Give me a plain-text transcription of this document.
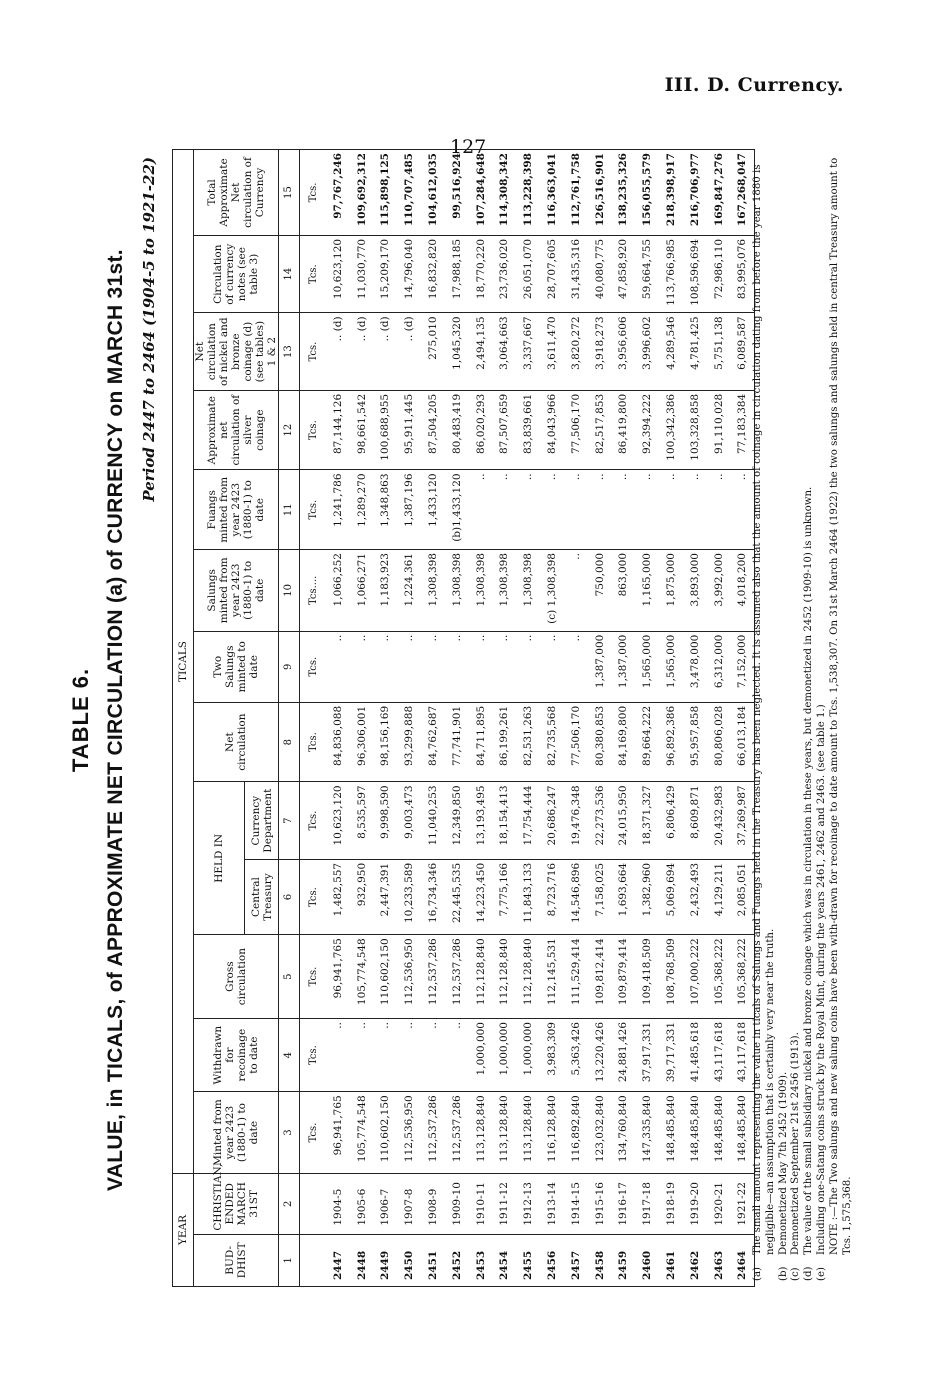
III. D. Currency.
127
TABLE 6. VALUE, in TICALS, of APPROXIMATE NET CIRCULATION (a) of CURRENCY on MARCH 31st. Period 2447 to 2464 (1904-5 to 1921-22)
YEAR		TICALS												
BUD-DHIST	CHRISTIAN, ENDED MARCH 31ST	Minted from year 2423 (1880-1) to date	Withdrawn for recoinage to date	Gross circulation	HELD IN		Net circulation	Two Salungs minted to date	Salungs minted from year 2423 (1880-1) to date	Fuangs minted from year 2423 (1880-1) to date	Approximate net circulation of silver coinage	Net circulation of nickel and bronze coinage (d) (see tables) 1 & 2	Circulation of currency notes (see table 3)	Total Approximate Net circulation of Currency
					Central Treasury	Currency Department								
1	2	3	4	5	6	7	8	9	10	11	12	13	14	15
		Tcs.	Tcs.	Tcs.	Tcs.	Tcs.	Tcs.	Tcs.	Tcs....	Tcs.	Tcs.	Tcs.	Tcs.	Tcs.
2447	1904-5	96,941,765	..	96,941,765	1,482,557	10,623,120	84,836,088	..	1,066,252	1,241,786	87,144,126	.. (d)	10,623,120	97,767,246
2448	1905-6	105,774,548	..	105,774,548	932,950	8,535,597	96,306,001	..	1,066,271	1,289,270	98,661,542	.. (d)	11,030,770	109,692,312
2449	1906-7	110,602,150	..	110,602,150	2,447,391	9,998,590	98,156,169	..	1,183,923	1,348,863	100,688,955	.. (d)	15,209,170	115,898,125
2450	1907-8	112,536,950	..	112,536,950	10,233,589	9,003,473	93,299,888	..	1,224,361	1,387,196	95,911,445	.. (d)	14,796,040	110,707,485
2451	1908-9	112,537,286	..	112,537,286	16,734,346	11,040,253	84,762,687	..	1,308,398	1,433,120	87,504,205	275,010	16,832,820	104,612,035
2452	1909-10	112,537,286	..	112,537,286	22,445,535	12,349,850	77,741,901	..	1,308,398	(b)1,433,120	80,483,419	1,045,320	17,988,185	99,516,924
2453	1910-11	113,128,840	1,000,000	112,128,840	14,223,450	13,193,495	84,711,895	..	1,308,398	..	86,020,293	2,494,135	18,770,220	107,284,648
2454	1911-12	113,128,840	1,000,000	112,128,840	7,775,166	18,154,413	86,199,261	..	1,308,398	..	87,507,659	3,064,663	23,736,020	114,308,342
2455	1912-13	113,128,840	1,000,000	112,128,840	11,843,133	17,754,444	82,531,263	..	1,308,398	..	83,839,661	3,337,667	26,051,070	113,228,398
2456	1913-14	116,128,840	3,983,309	112,145,531	8,723,716	20,686,247	82,735,568	..	(c) 1,308,398	..	84,043,966	3,611,470	28,707,605	116,363,041
2457	1914-15	116,892,840	5,363,426	111,529,414	14,546,896	19,476,348	77,506,170	..	..	..	77,506,170	3,820,272	31,435,316	112,761,758
2458	1915-16	123,032,840	13,220,426	109,812,414	7,158,025	22,273,536	80,380,853	1,387,000	750,000	..	82,517,853	3,918,273	40,080,775	126,516,901
2459	1916-17	134,760,840	24,881,426	109,879,414	1,693,664	24,015,950	84,169,800	1,387,000	863,000	..	86,419,800	3,956,606	47,858,920	138,235,326
2460	1917-18	147,335,840	37,917,331	109,418,509	1,382,960	18,371,327	89,664,222	1,565,000	1,165,000	..	92,394,222	3,996,602	59,664,755	156,055,579
2461	1918-19	148,485,840	39,717,331	108,768,509	5,069,694	6,806,429	96,892,386	1,565,000	1,875,000	..	100,342,386	4,289,546	113,766,985	218,398,917
2462	1919-20	148,485,840	41,485,618	107,000,222	2,432,493	8,609,871	95,957,858	3,478,000	3,893,000	..	103,328,858	4,781,425	108,596,694	216,706,977
2463	1920-21	148,485,840	43,117,618	105,368,222	4,129,211	20,432,983	80,806,028	6,312,000	3,992,000	..	91,110,028	5,751,138	72,986,110	169,847,276
2464	1921-22	148,485,840	43,117,618	105,368,222	2,085,051	37,269,987	66,013,184	7,152,000	4,018,200	..	77,183,384	6,089,587	83,995,076	167,268,047
(a)
The small amount representing the value in ticals of Salungs and Fuangs held in the Treasury has been neglected. It is assumed also that the amount of coinage in circulation dating from before the year 1880 is negligible—an assumption that is certainly very near the truth.
(b)
Demonetized May 7th 2452 (1909).
(c)
Demonetized September 21st 2456 (1913).
(d)
The value of the small subsidiary nickel and bronze coinage which was in circulation in these years, but demonetized in 2452 (1909-10) is unknown.
(e)
Including one-Satang coins struck by the Royal Mint, during the years 2461, 2462 and 2463. (see table 1.) NOTE :—The Two salungs and new salung coins have been with-drawn for recoinage to date amount to Tcs. 1,538,307. On 31st March 2464 (1922) the two salungs and salungs held in central Treasury amount to Tcs. 1,575,368.
